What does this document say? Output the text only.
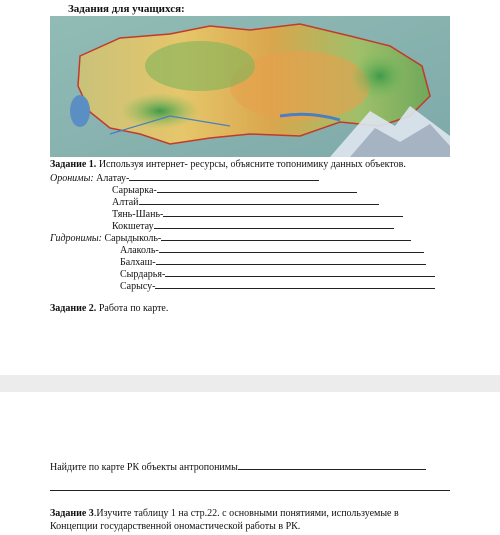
Задания для учащихся:
Задание 1. Используя интернет- ресурсы, объясните топонимику данных объектов.
Оронимы: Алатау-
Сарыарка-
Алтай
Тянь-Шань-
Кокшетау
Гидронимы: Сарыдыколь-
Алаколь-
Балхаш-
Сырдарья-
Сарысу-
Задание 2. Работа по карте.
Найдите по карте РК объекты антропонимы
Задание 3.Изучите таблицу 1 на стр.22. с основными понятиями, используемые в
Концепции государственной ономастической работы в РК.
